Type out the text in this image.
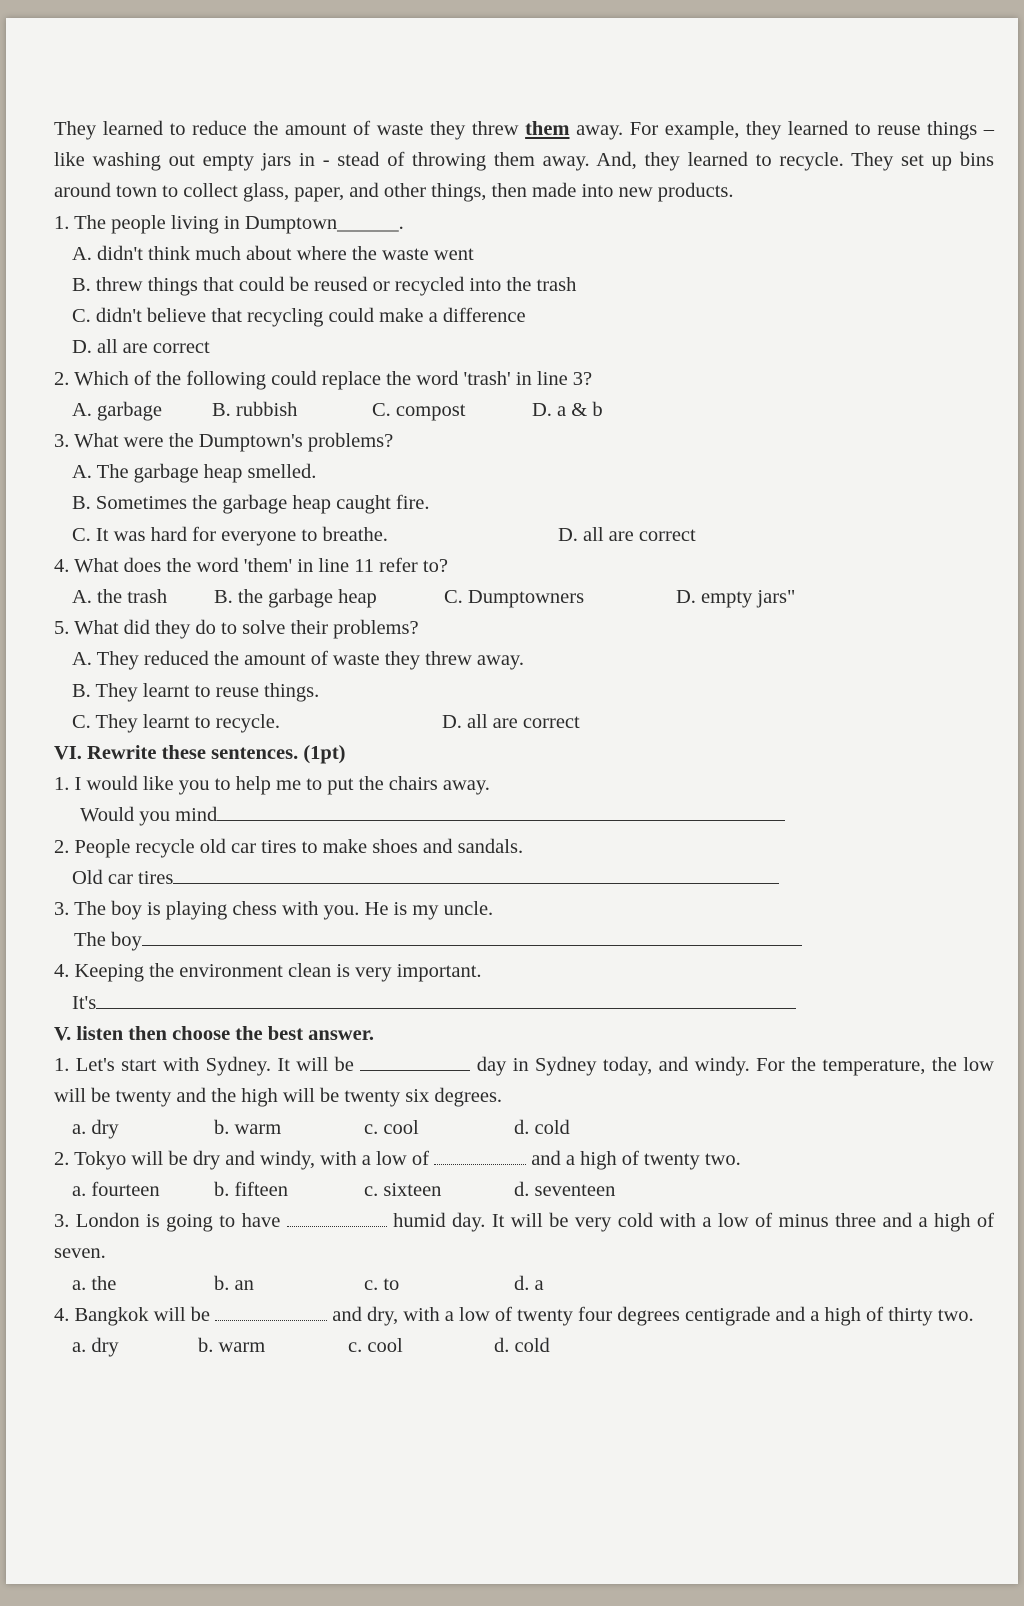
They learned to reduce the amount of waste they threw them away. For example, they learned to reuse things – like washing out empty jars in - stead of throwing them away. And, they learned to recycle. They set up bins around town to collect glass, paper, and other things, then made into new products.
1. The people living in Dumptown______.
A. didn't think much about where the waste went
B. threw things that could be reused or recycled into the trash
C. didn't believe that recycling could make a difference
D. all are correct
2. Which of the following could replace the word 'trash' in line 3?
A. garbage	B. rubbish	C. compost	D. a & b
3. What were the Dumptown's problems?
A. The garbage heap smelled.
B. Sometimes the garbage heap caught fire.
C. It was hard for everyone to breathe.	D. all are correct
4. What does the word 'them' in line 11 refer to?
A. the trash	B. the garbage heap	C. Dumptowners	D. empty jars"
5. What did they do to solve their problems?
A. They reduced the amount of waste they threw away.
B. They learnt to reuse things.
C. They learnt to recycle.	D. all are correct
VI. Rewrite these sentences. (1pt)
1. I would like you to help me to put the chairs away.
Would you mind
2. People recycle old car tires to make shoes and sandals.
Old car tires
3. The boy is playing chess with you. He is my uncle.
The boy
4. Keeping the environment clean is very important.
It's
V. listen then choose the best answer.
1. Let's start with Sydney. It will be	day in Sydney today, and windy. For the temperature, the low will be twenty and the high will be twenty six degrees.
a. dry	b. warm	c. cool	d. cold
2. Tokyo will be dry and windy, with a low of	and a high of twenty two.
a. fourteen	b. fifteen	c. sixteen	d. seventeen
3. London is going to have	humid day. It will be very cold with a low of minus three and a high of seven.
a. the	b. an	c. to	d. a
4. Bangkok will be	and dry, with a low of twenty four degrees centigrade and a high of thirty two.
a. dry	b. warm	c. cool	d. cold
